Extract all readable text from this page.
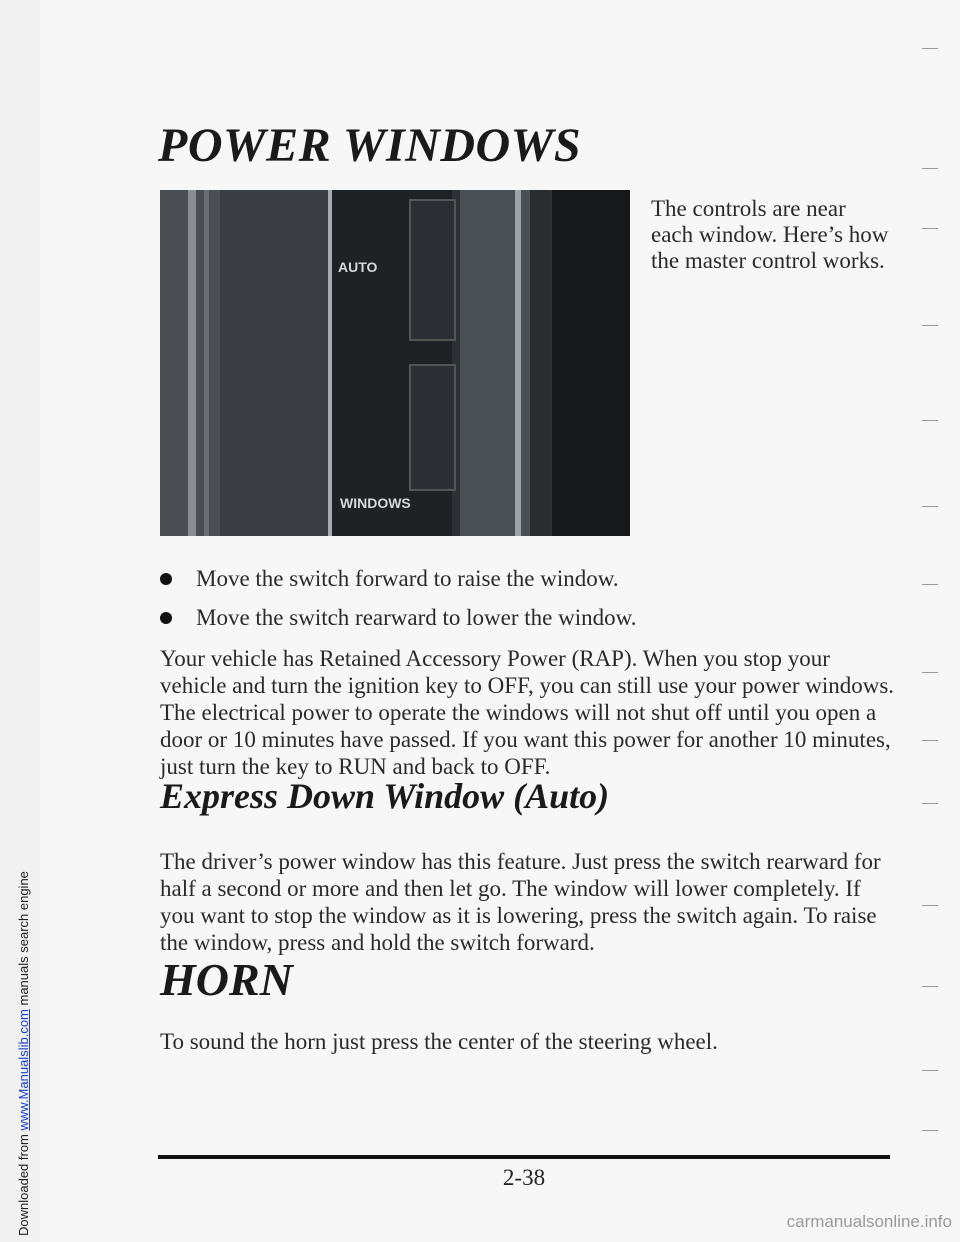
Downloaded from www.Manualslib.com manuals search engine
POWER WINDOWS
AUTO
WINDOWS

The controls are near each window. Here’s how the master control works.

Move the switch forward to raise the window.
Move the switch rearward to lower the window.

Your vehicle has Retained Accessory Power (RAP). When you stop your vehicle and turn the ignition key to OFF, you can still use your power windows. The electrical power to operate the windows will not shut off until you open a door or 10 minutes have passed. If you want this power for another 10 minutes, just turn the key to RUN and back to OFF.

Express Down Window (Auto)

The driver’s power window has this feature. Just press the switch rearward for half a second or more and then let go. The window will lower completely. If you want to stop the window as it is lowering, press the switch again. To raise the window, press and hold the switch forward.

HORN

To sound the horn just press the center of the steering wheel.

2-38
carmanualsonline.info
